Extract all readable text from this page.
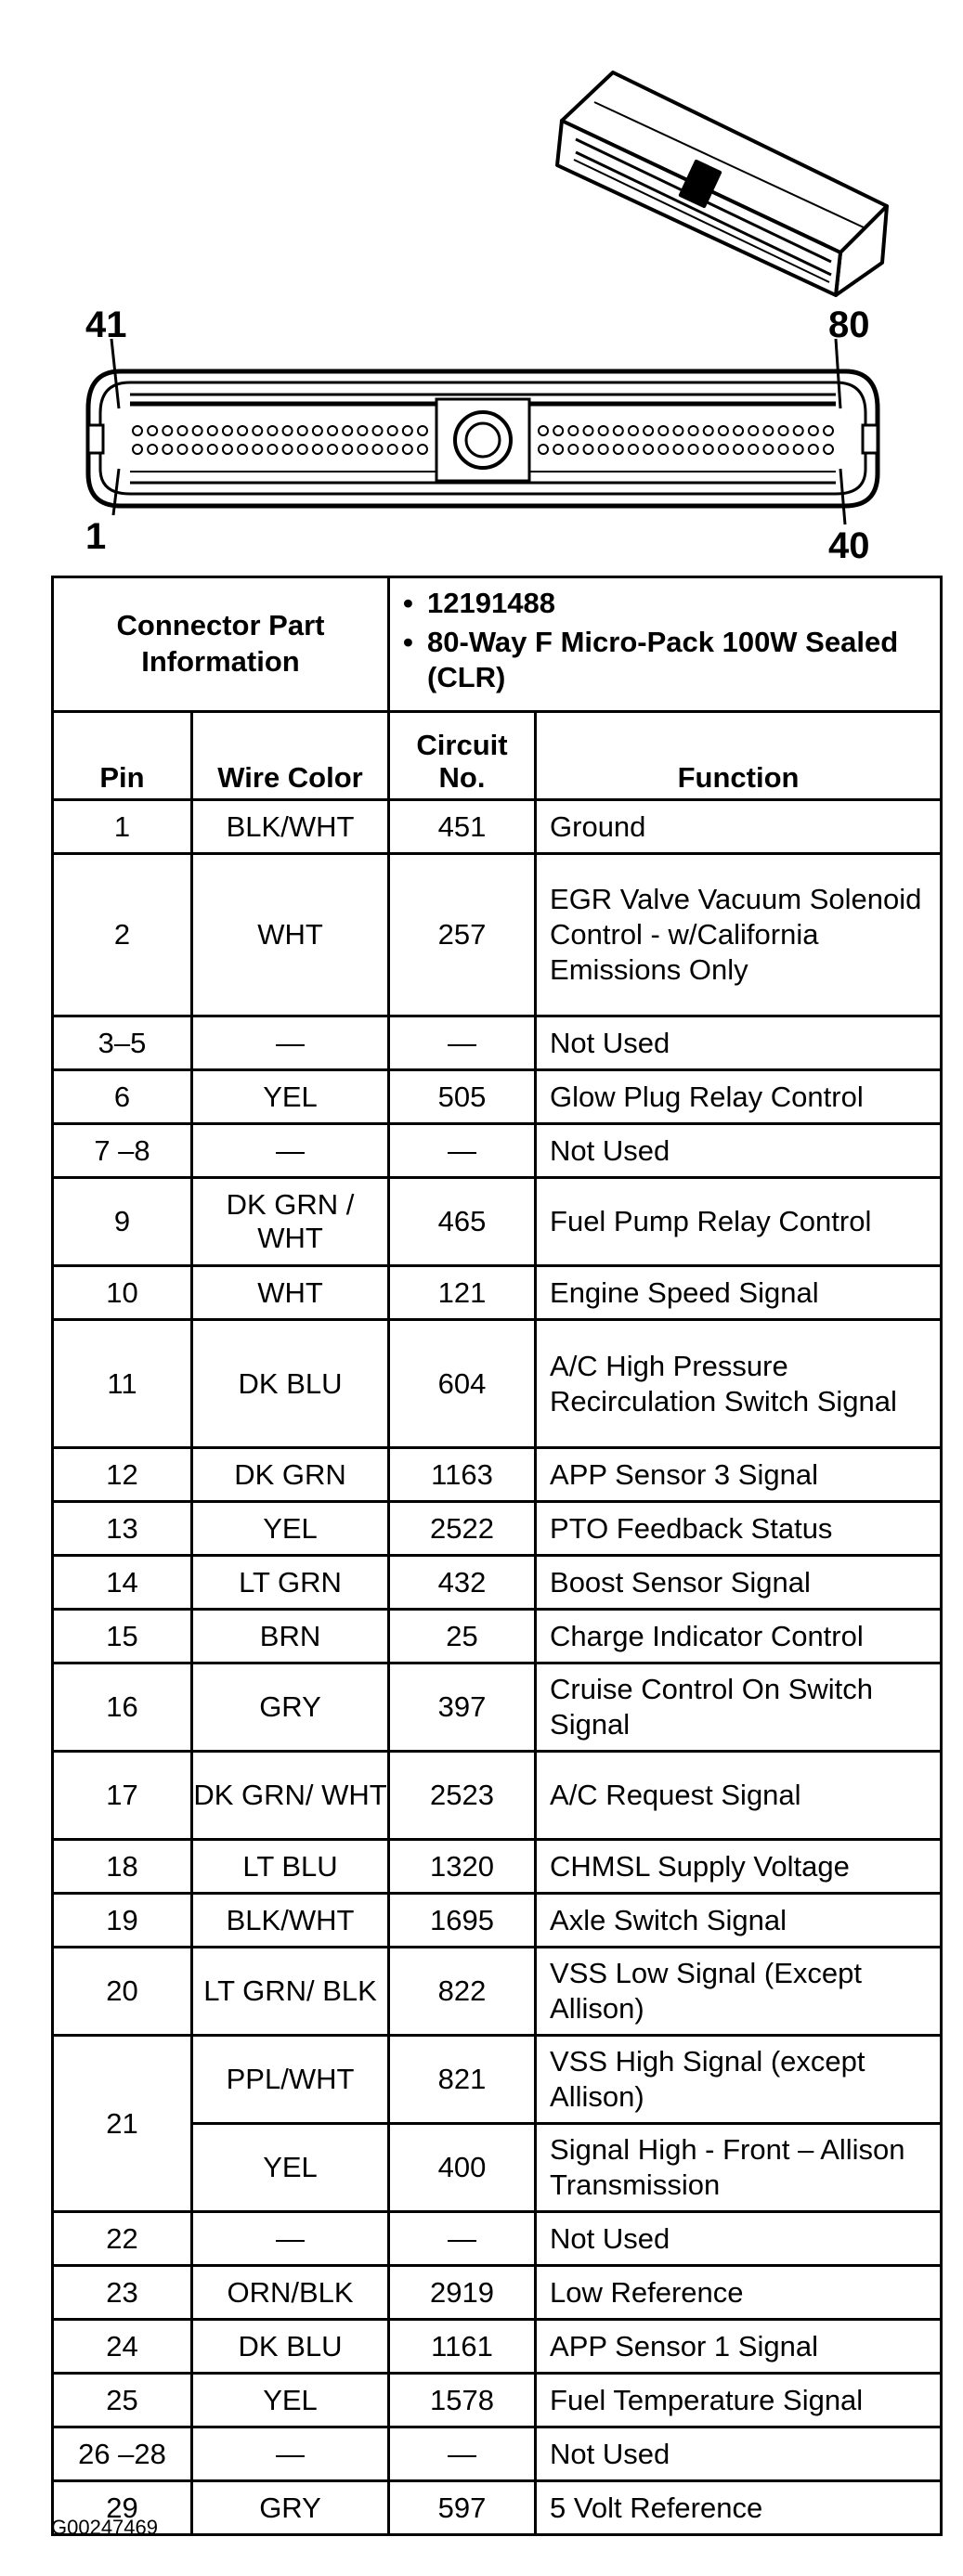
41	80
1	40
Connector Part Information		• 12191488
• 80-Way F Micro-Pack 100W Sealed (CLR)	

Pin	Wire Color	Circuit No.	Function
1	BLK/WHT	451	Ground
2	WHT	257	EGR Valve Vacuum Solenoid Control - w/California Emissions Only
3–5	—	—	Not Used
6	YEL	505	Glow Plug Relay Control
7 –8	—	—	Not Used
9	DK GRN / WHT	465	Fuel Pump Relay Control
10	WHT	121	Engine Speed Signal
11	DK BLU	604	A/C High Pressure Recirculation Switch Signal
12	DK GRN	1163	APP Sensor 3 Signal
13	YEL	2522	PTO Feedback Status
14	LT GRN	432	Boost Sensor Signal
15	BRN	25	Charge Indicator Control
16	GRY	397	Cruise Control On Switch Signal
17	DK GRN/ WHT	2523	A/C Request Signal
18	LT BLU	1320	CHMSL Supply Voltage
19	BLK/WHT	1695	Axle Switch Signal
20	LT GRN/ BLK	822	VSS Low Signal (Except Allison)
21	PPL/WHT	821	VSS High Signal (except Allison)
	YEL	400	Signal High - Front – Allison Transmission
22	—	—	Not Used
23	ORN/BLK	2919	Low Reference
24	DK BLU	1161	APP Sensor 1 Signal
25	YEL	1578	Fuel Temperature Signal
26 –28	—	—	Not Used
29	GRY	597	5 Volt Reference
G00247469
